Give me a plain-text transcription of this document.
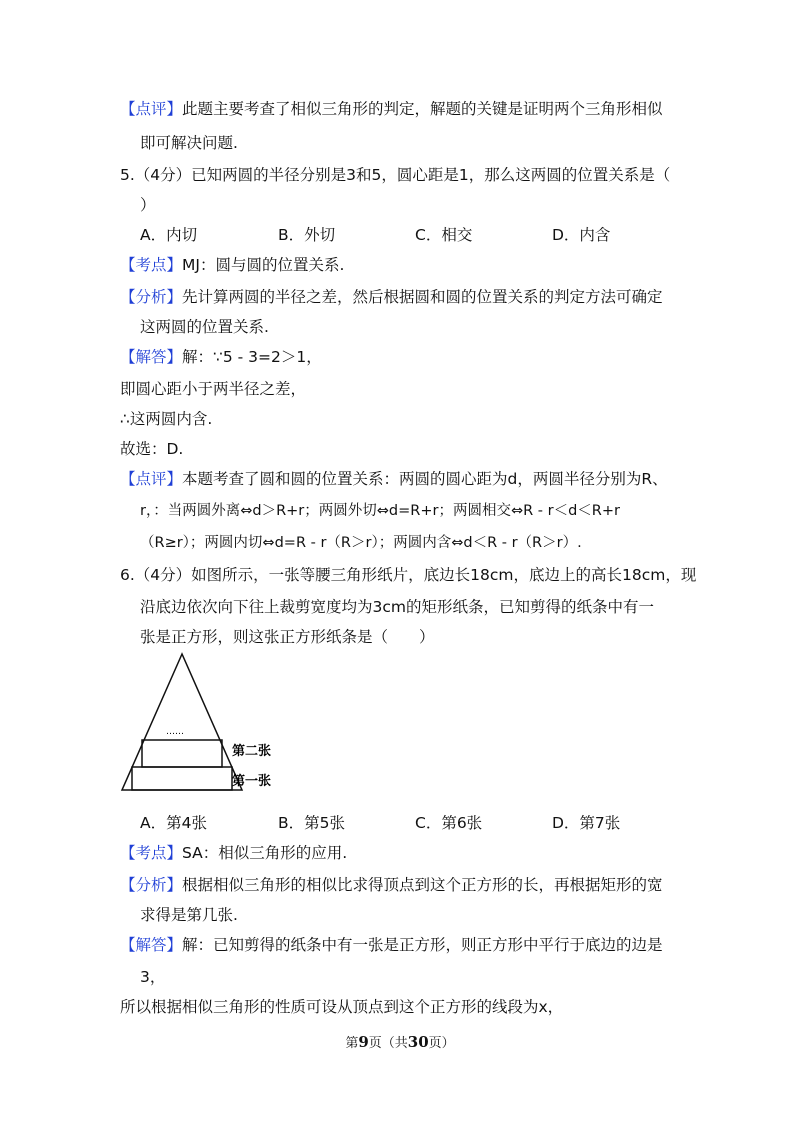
【点评】此题主要考查了相似三角形的判定，解题的关键是证明两个三角形相似
即可解决问题.
5.（4分）已知两圆的半径分别是3和5，圆心距是1，那么这两圆的位置关系是（
）
A．内切	B．外切	C．相交	D．内含
【考点】MJ：圆与圆的位置关系.
【分析】先计算两圆的半径之差，然后根据圆和圆的位置关系的判定方法可确定
这两圆的位置关系.
【解答】解：∵5 - 3=2＞1，
即圆心距小于两半径之差，
∴这两圆内含.
故选：D.
【点评】本题考查了圆和圆的位置关系：两圆的圆心距为d，两圆半径分别为R、
r，：当两圆外离⇔d＞R+r；两圆外切⇔d=R+r；两圆相交⇔R - r＜d＜R+r
（R≥r）；两圆内切⇔d=R - r（R＞r）；两圆内含⇔d＜R - r（R＞r）.
6.（4分）如图所示，一张等腰三角形纸片，底边长18cm，底边上的高长18cm，现
沿底边依次向下往上裁剪宽度均为3cm的矩形纸条，已知剪得的纸条中有一
张是正方形，则这张正方形纸条是（　　）
……
第二张
第一张
A．第4张	B．第5张	C．第6张	D．第7张
【考点】SA：相似三角形的应用.
【分析】根据相似三角形的相似比求得顶点到这个正方形的长，再根据矩形的宽
求得是第几张.
【解答】解：已知剪得的纸条中有一张是正方形，则正方形中平行于底边的边是
3，
所以根据相似三角形的性质可设从顶点到这个正方形的线段为x，
第9页（共30页）
